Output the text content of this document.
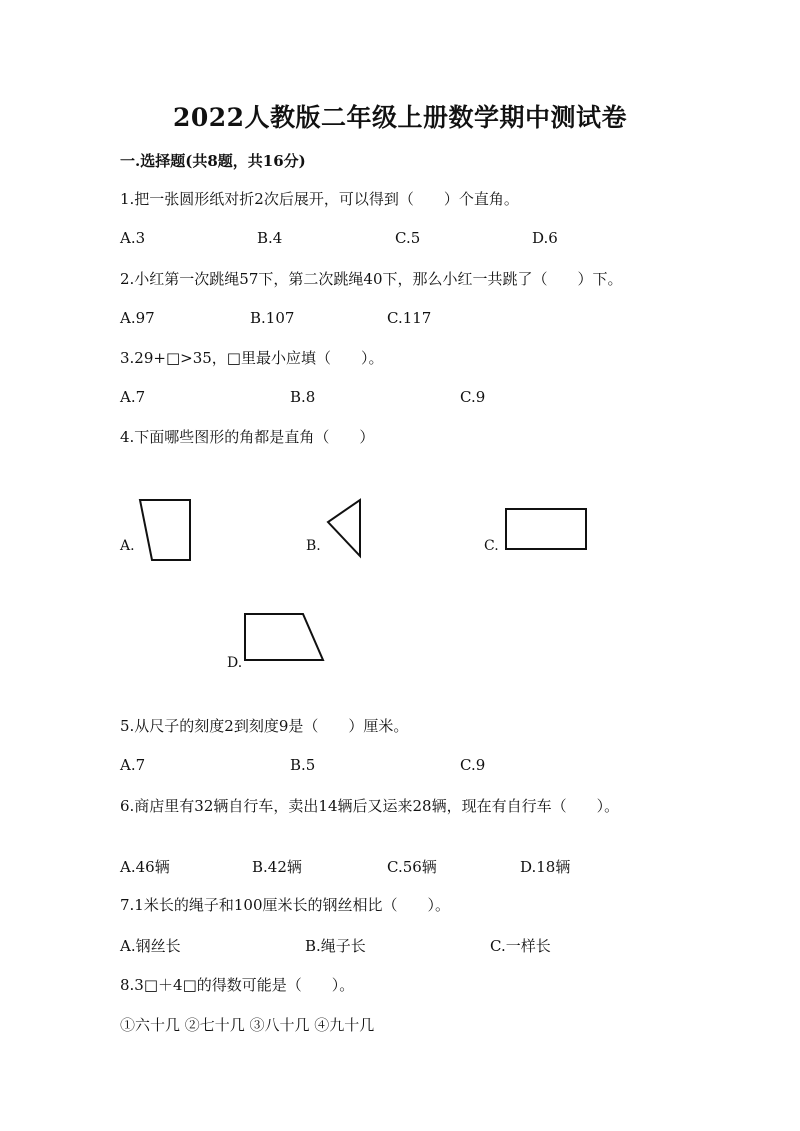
2022人教版二年级上册数学期中测试卷
一.选择题(共8题，共16分)
1.把一张圆形纸对折2次后展开，可以得到（　　）个直角。
A.3	B.4	C.5	D.6
2.小红第一次跳绳57下，第二次跳绳40下，那么小红一共跳了（　　）下。
A.97	B.107	C.117
3.29+□>35，□里最小应填（　　）。
A.7	B.8	C.9
4.下面哪些图形的角都是直角（　　）
A.	B.	C.
D.
5.从尺子的刻度2到刻度9是（　　）厘米。
A.7	B.5	C.9
6.商店里有32辆自行车，卖出14辆后又运来28辆，现在有自行车（　　）。
A.46辆	B.42辆	C.56辆	D.18辆
7.1米长的绳子和100厘米长的钢丝相比（　　）。
A.钢丝长	B.绳子长	C.一样长
8.3□＋4□的得数可能是（　　）。
①六十几 ②七十几 ③八十几 ④九十几
